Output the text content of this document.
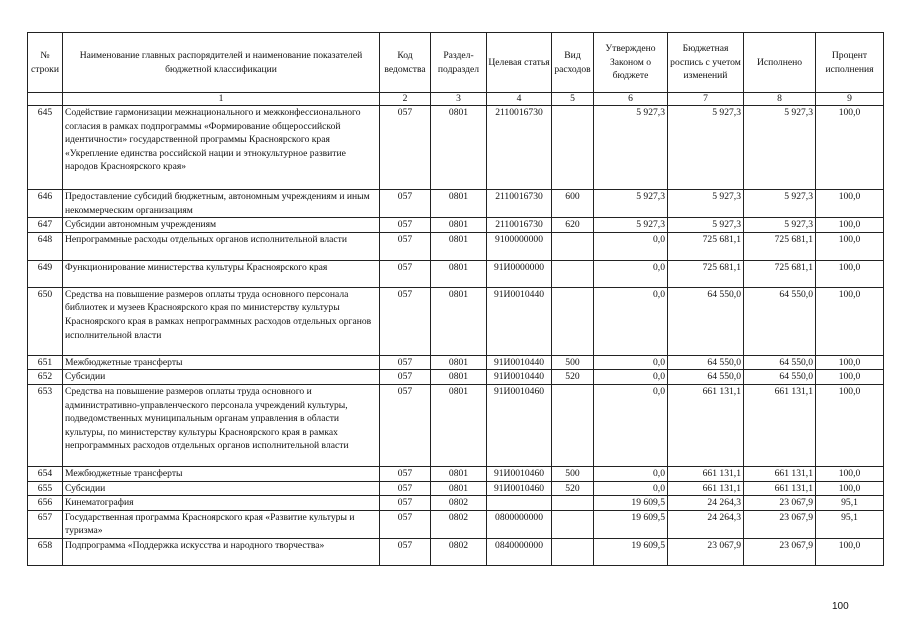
№ строки	Наименование главных распорядителей и наименование показателей бюджетной классификации	Код ведомства	Раздел-подраздел	Целевая статья	Вид расходов	Утверждено Законом о бюджете	Бюджетная роспись с учетом изменений	Исполнено	Процент исполнения
	1	2	3	4	5	6	7	8	9
645	Содействие гармонизации межнационального и межконфессионального согласия в рамках подпрограммы «Формирование общероссийской идентичности» государственной программы Красноярского края «Укрепление единства российской нации и этнокультурное развитие народов Красноярского края»	057	0801	2110016730		5 927,3	5 927,3	5 927,3	100,0
646	Предоставление субсидий бюджетным, автономным учреждениям и иным некоммерческим организациям	057	0801	2110016730	600	5 927,3	5 927,3	5 927,3	100,0
647	Субсидии автономным учреждениям	057	0801	2110016730	620	5 927,3	5 927,3	5 927,3	100,0
648	Непрограммные расходы отдельных органов исполнительной власти	057	0801	9100000000		0,0	725 681,1	725 681,1	100,0
649	Функционирование министерства культуры Красноярского края	057	0801	91И0000000		0,0	725 681,1	725 681,1	100,0
650	Средства на повышение размеров оплаты труда основного персонала библиотек и музеев Красноярского края по министерству культуры Красноярского края в рамках непрограммных расходов отдельных органов исполнительной власти	057	0801	91И0010440		0,0	64 550,0	64 550,0	100,0
651	Межбюджетные трансферты	057	0801	91И0010440	500	0,0	64 550,0	64 550,0	100,0
652	Субсидии	057	0801	91И0010440	520	0,0	64 550,0	64 550,0	100,0
653	Средства на повышение размеров оплаты труда основного и административно-управленческого персонала учреждений культуры, подведомственных муниципальным органам управления в области культуры, по министерству культуры Красноярского края в рамках непрограммных расходов отдельных органов исполнительной власти	057	0801	91И0010460		0,0	661 131,1	661 131,1	100,0
654	Межбюджетные трансферты	057	0801	91И0010460	500	0,0	661 131,1	661 131,1	100,0
655	Субсидии	057	0801	91И0010460	520	0,0	661 131,1	661 131,1	100,0
656	Кинематография	057	0802			19 609,5	24 264,3	23 067,9	95,1
657	Государственная программа Красноярского края «Развитие культуры и туризма»	057	0802	0800000000		19 609,5	24 264,3	23 067,9	95,1
658	Подпрограмма «Поддержка искусства и народного творчества»	057	0802	0840000000		19 609,5	23 067,9	23 067,9	100,0
100
